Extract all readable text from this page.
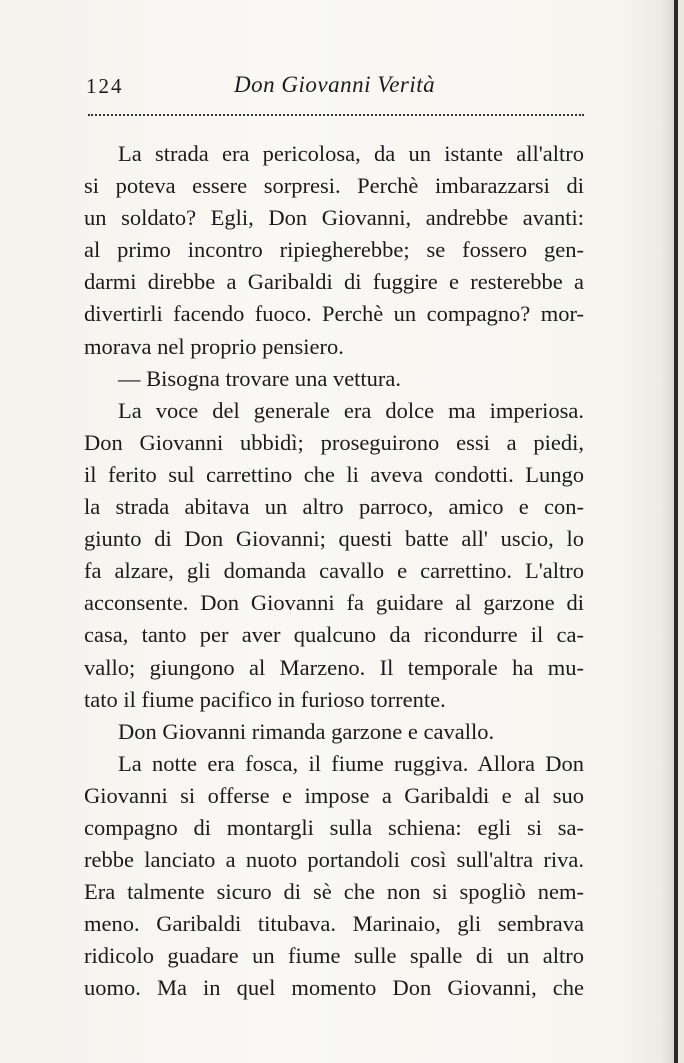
124	Don Giovanni Verità
La strada era pericolosa, da un istante all'altro
si poteva essere sorpresi. Perchè imbarazzarsi di
un soldato? Egli, Don Giovanni, andrebbe avanti:
al primo incontro ripiegherebbe; se fossero gen-
darmi direbbe a Garibaldi di fuggire e resterebbe a
divertirli facendo fuoco. Perchè un compagno? mor-
morava nel proprio pensiero.
— Bisogna trovare una vettura.
La voce del generale era dolce ma imperiosa.
Don Giovanni ubbidì; proseguirono essi a piedi,
il ferito sul carrettino che li aveva condotti. Lungo
la strada abitava un altro parroco, amico e con-
giunto di Don Giovanni; questi batte all' uscio, lo
fa alzare, gli domanda cavallo e carrettino. L'altro
acconsente. Don Giovanni fa guidare al garzone di
casa, tanto per aver qualcuno da ricondurre il ca-
vallo; giungono al Marzeno. Il temporale ha mu-
tato il fiume pacifico in furioso torrente.
Don Giovanni rimanda garzone e cavallo.
La notte era fosca, il fiume ruggiva. Allora Don
Giovanni si offerse e impose a Garibaldi e al suo
compagno di montargli sulla schiena: egli si sa-
rebbe lanciato a nuoto portandoli così sull'altra riva.
Era talmente sicuro di sè che non si spogliò nem-
meno. Garibaldi titubava. Marinaio, gli sembrava
ridicolo guadare un fiume sulle spalle di un altro
uomo. Ma in quel momento Don Giovanni, che
